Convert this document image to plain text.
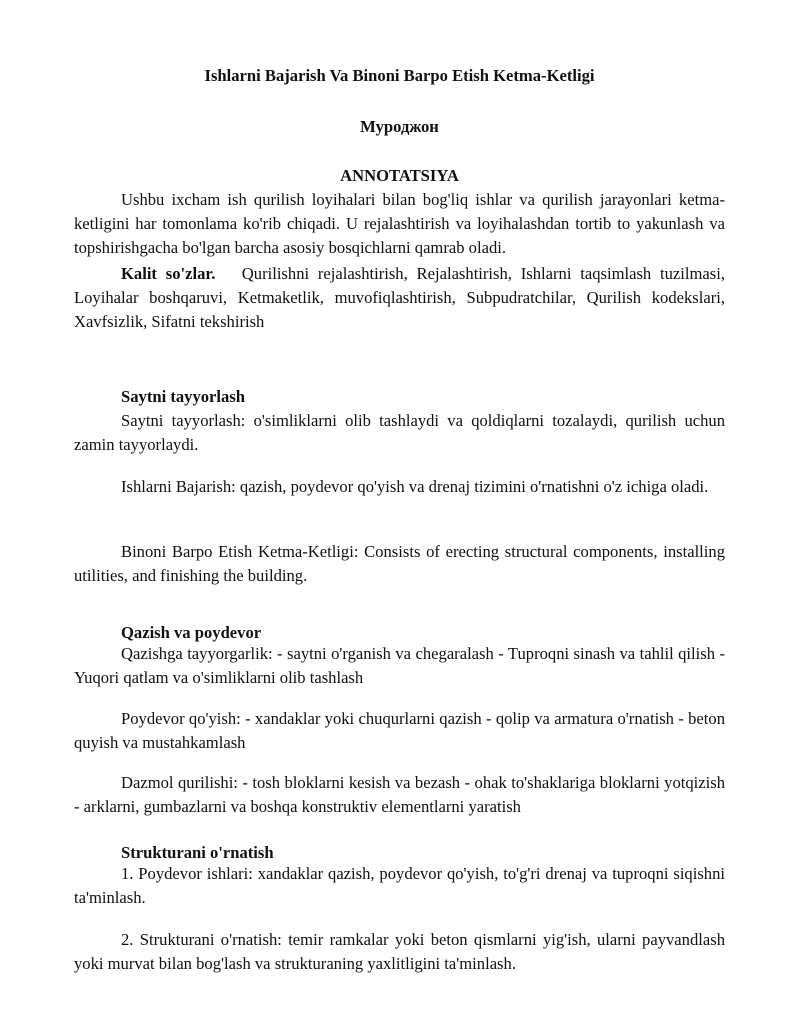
Ishlarni Bajarish Va Binoni Barpo Etish Ketma-Ketligi
Муроджон
ANNOTATSIYA

Ushbu ixcham ish qurilish loyihalari bilan bog'liq ishlar va qurilish jarayonlari ketma-ketligini har tomonlama ko'rib chiqadi. U rejalashtirish va loyihalashdan tortib to yakunlash va topshirishgacha bo'lgan barcha asosiy bosqichlarni qamrab oladi.

Kalit so'zlar. Qurilishni rejalashtirish, Rejalashtirish, Ishlarni taqsimlash tuzilmasi, Loyihalar boshqaruvi, Ketmaketlik, muvofiqlashtirish, Subpudratchilar, Qurilish kodekslari, Xavfsizlik, Sifatni tekshirish

Saytni tayyorlash

Saytni tayyorlash: o'simliklarni olib tashlaydi va qoldiqlarni tozalaydi, qurilish uchun zamin tayyorlaydi.

Ishlarni Bajarish: qazish, poydevor qo'yish va drenaj tizimini o'rnatishni o'z ichiga oladi.

Binoni Barpo Etish Ketma-Ketligi: Consists of erecting structural components, installing utilities, and finishing the building.

Qazish va poydevor

Qazishga tayyorgarlik: - saytni o'rganish va chegaralash - Tuproqni sinash va tahlil qilish - Yuqori qatlam va o'simliklarni olib tashlash

Poydevor qo'yish: - xandaklar yoki chuqurlarni qazish - qolip va armatura o'rnatish - beton quyish va mustahkamlash

Dazmol qurilishi: - tosh bloklarni kesish va bezash - ohak to'shaklariga bloklarni yotqizish - arklarni, gumbazlarni va boshqa konstruktiv elementlarni yaratish

Strukturani o'rnatish

1. Poydevor ishlari: xandaklar qazish, poydevor qo'yish, to'g'ri drenaj va tuproqni siqishni ta'minlash.

2. Strukturani o'rnatish: temir ramkalar yoki beton qismlarni yig'ish, ularni payvandlash yoki murvat bilan bog'lash va strukturaning yaxlitligini ta'minlash.
